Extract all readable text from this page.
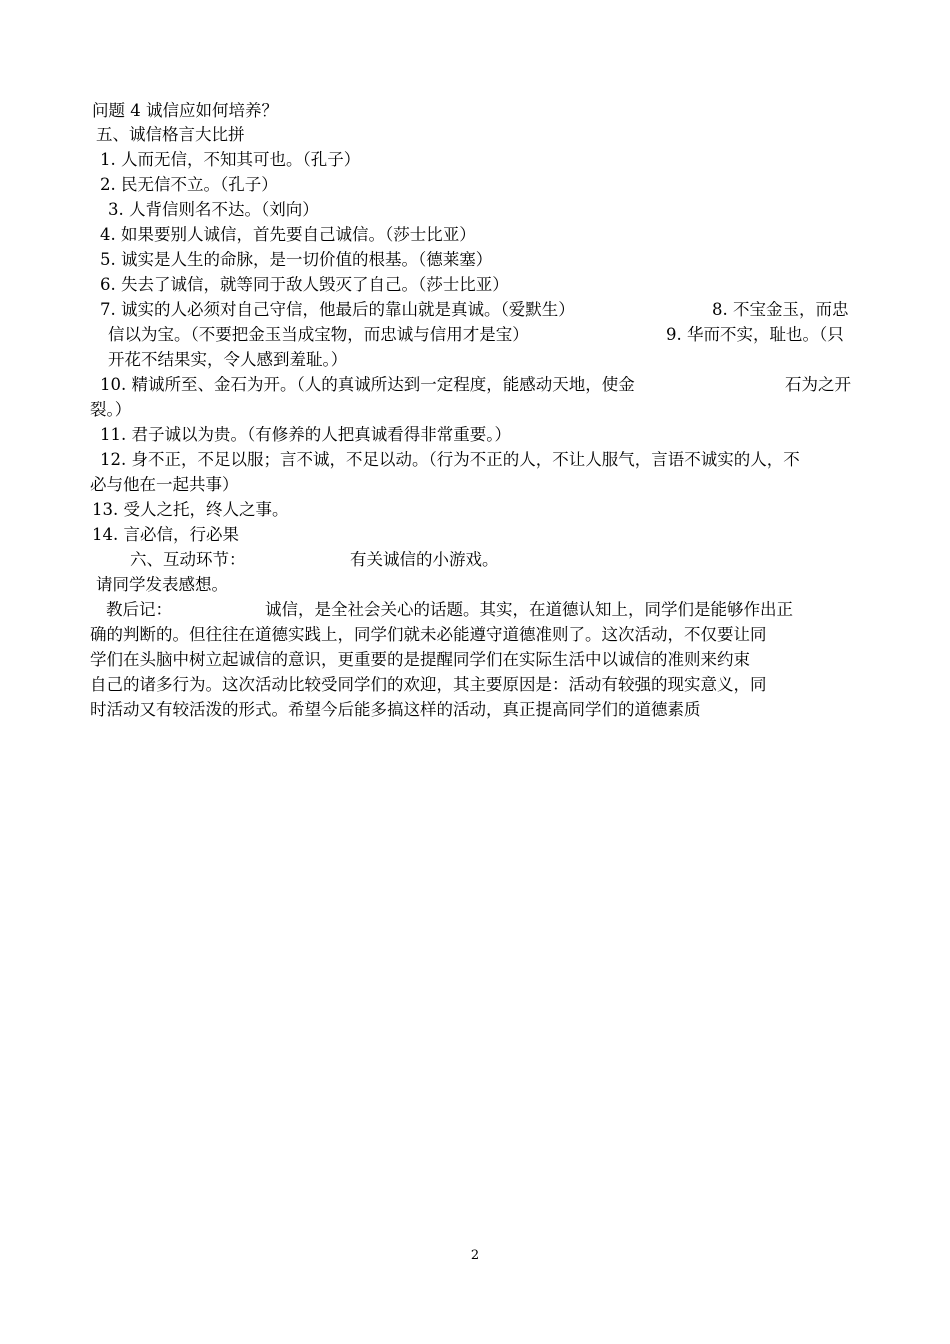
问题 4 诚信应如何培养？
五、诚信格言大比拼
1. 人而无信，不知其可也。（孔子）
2. 民无信不立。（孔子）
3. 人背信则名不达。（刘向）
4. 如果要别人诚信，首先要自己诚信。（莎士比亚）
5. 诚实是人生的命脉，是一切价值的根基。（德莱塞）
6. 失去了诚信，就等同于敌人毁灭了自己。（莎士比亚）
7. 诚实的人必须对自己守信，他最后的靠山就是真诚。（爱默生）	8. 不宝金玉，而忠
信以为宝。（不要把金玉当成宝物，而忠诚与信用才是宝）	9. 华而不实，耻也。（只
开花不结果实，令人感到羞耻。）
10. 精诚所至、金石为开。（人的真诚所达到一定程度，能感动天地，使金	石为之开
裂。）
11. 君子诚以为贵。（有修养的人把真诚看得非常重要。）
12. 身不正，不足以服；言不诚，不足以动。（行为不正的人，不让人服气，言语不诚实的人，不
必与他在一起共事）
13. 受人之托，终人之事。
14. 言必信，行必果
六、互动环节：	有关诚信的小游戏。
请同学发表感想。
教后记：	诚信，是全社会关心的话题。其实，在道德认知上，同学们是能够作出正
确的判断的。但往往在道德实践上，同学们就未必能遵守道德准则了。这次活动，不仅要让同
学们在头脑中树立起诚信的意识，更重要的是提醒同学们在实际生活中以诚信的准则来约束
自己的诸多行为。这次活动比较受同学们的欢迎，其主要原因是：活动有较强的现实意义，同
时活动又有较活泼的形式。希望今后能多搞这样的活动，真正提高同学们的道德素质
2
